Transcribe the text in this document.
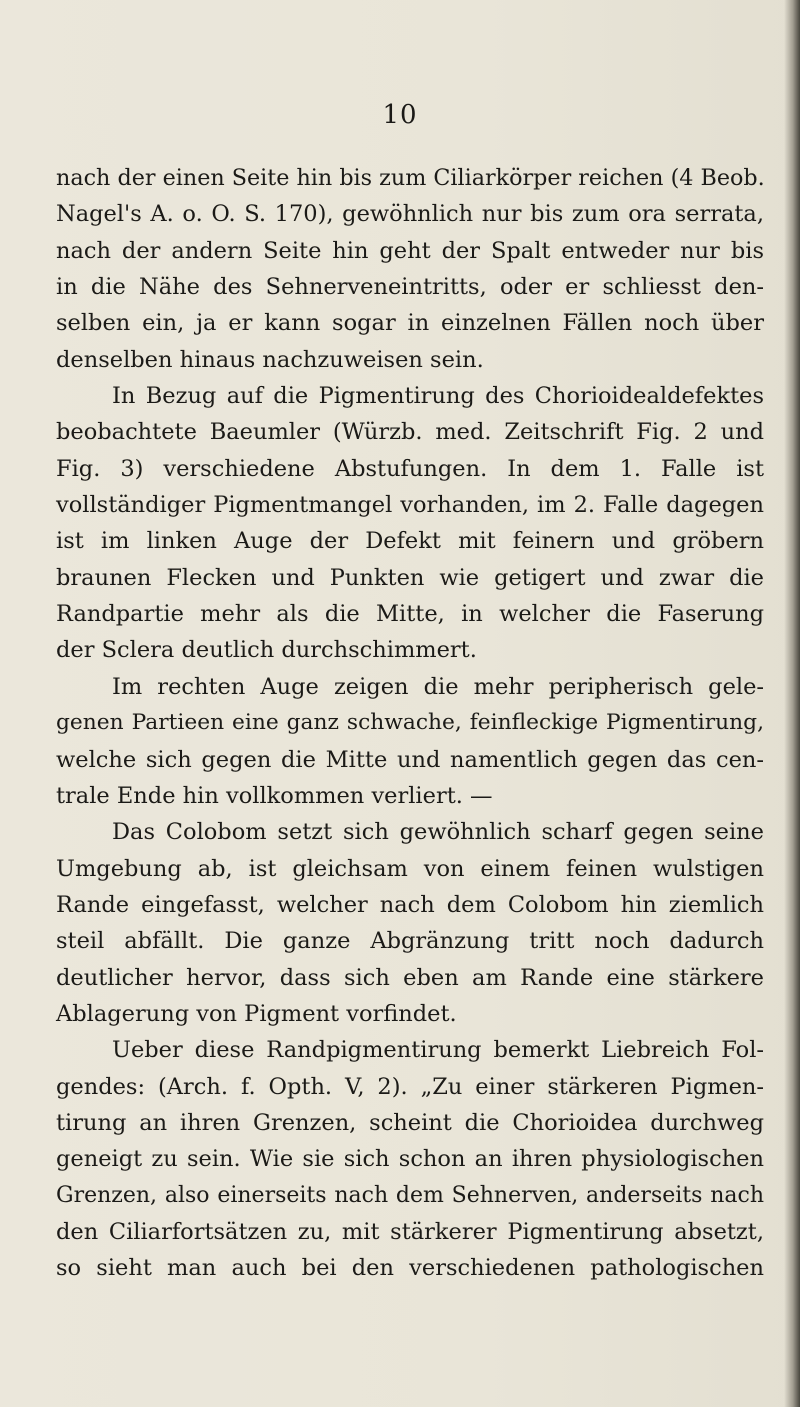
10
nach der einen Seite hin bis zum Ciliarkörper reichen (4 Beob.
Nagel's A. o. O. S. 170), gewöhnlich nur bis zum ora serrata,
nach der andern Seite hin geht der Spalt entweder nur bis
in die Nähe des Sehnerveneintritts, oder er schliesst den-
selben ein, ja er kann sogar in einzelnen Fällen noch über
denselben hinaus nachzuweisen sein.
In Bezug auf die Pigmentirung des Chorioidealdefektes
beobachtete Baeumler (Würzb. med. Zeitschrift Fig. 2 und
Fig. 3) verschiedene Abstufungen. In dem 1. Falle ist
vollständiger Pigmentmangel vorhanden, im 2. Falle dagegen
ist im linken Auge der Defekt mit feinern und gröbern
braunen Flecken und Punkten wie getigert und zwar die
Randpartie mehr als die Mitte, in welcher die Faserung
der Sclera deutlich durchschimmert.
Im rechten Auge zeigen die mehr peripherisch gele-
genen Partieen eine ganz schwache, feinfleckige Pigmentirung,
welche sich gegen die Mitte und namentlich gegen das cen-
trale Ende hin vollkommen verliert. —
Das Colobom setzt sich gewöhnlich scharf gegen seine
Umgebung ab, ist gleichsam von einem feinen wulstigen
Rande eingefasst, welcher nach dem Colobom hin ziemlich
steil abfällt. Die ganze Abgränzung tritt noch dadurch
deutlicher hervor, dass sich eben am Rande eine stärkere
Ablagerung von Pigment vorfindet.
Ueber diese Randpigmentirung bemerkt Liebreich Fol-
gendes: (Arch. f. Opth. V, 2). „Zu einer stärkeren Pigmen-
tirung an ihren Grenzen, scheint die Chorioidea durchweg
geneigt zu sein. Wie sie sich schon an ihren physiologischen
Grenzen, also einerseits nach dem Sehnerven, anderseits nach
den Ciliarfortsätzen zu, mit stärkerer Pigmentirung absetzt,
so sieht man auch bei den verschiedenen pathologischen
